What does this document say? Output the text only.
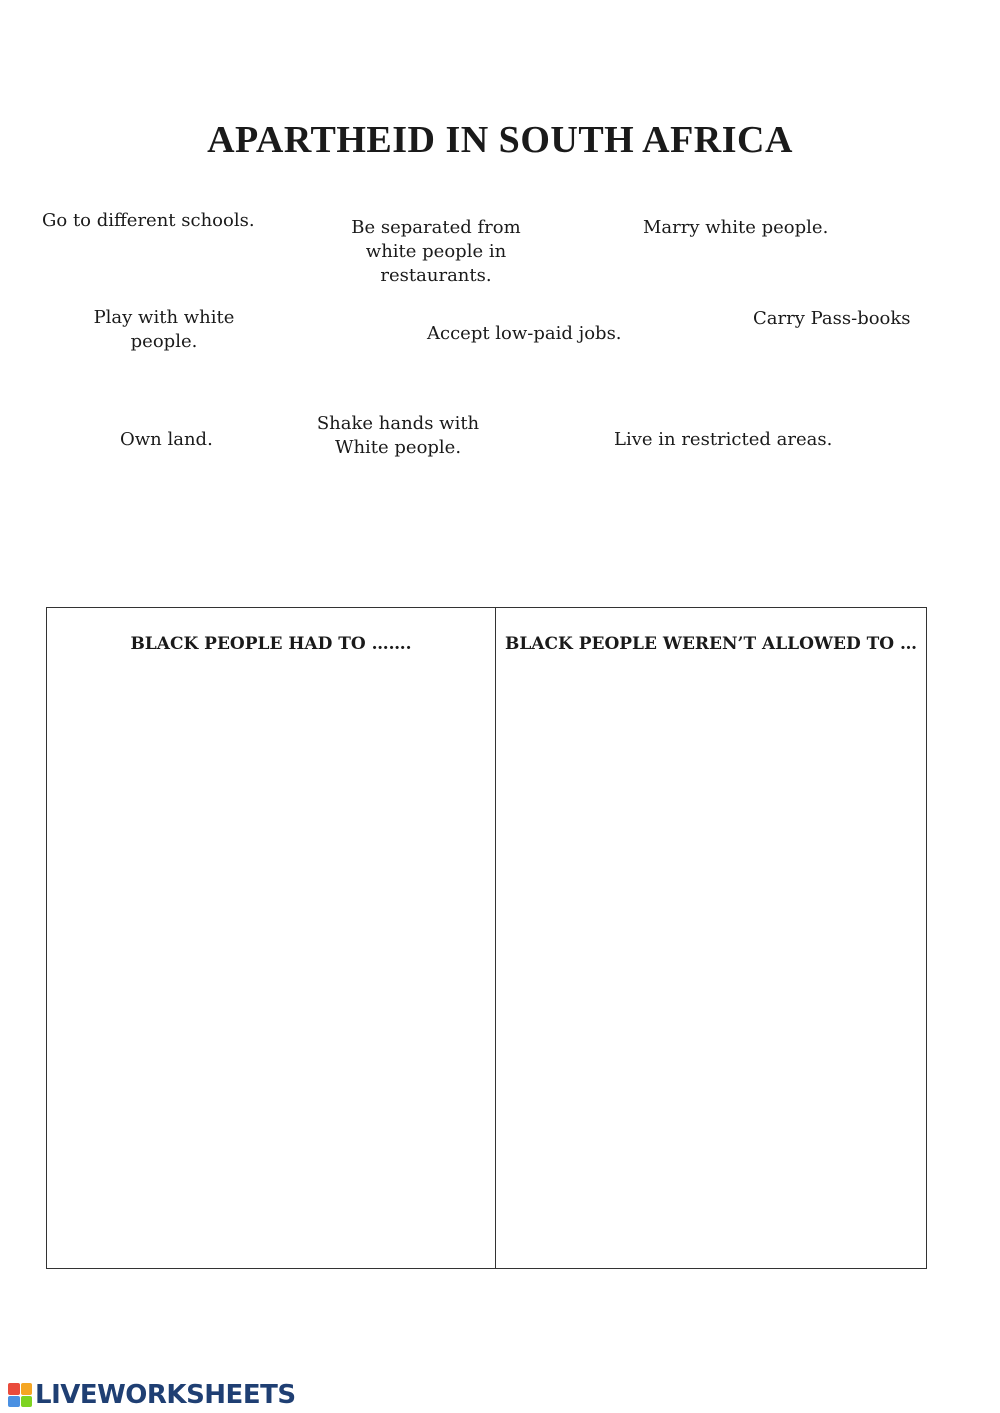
APARTHEID IN SOUTH AFRICA
Go to different schools.	Be separated from
white people in
restaurants.
Marry white people.
Play with white
people.	Accept low-paid jobs.
Carry Pass-books
Own land.
Shake hands with
White people.	Live in restricted areas.
BLACK PEOPLE HAD TO …….	BLACK PEOPLE WEREN’T ALLOWED TO …
LIVEWORKSHEETS
